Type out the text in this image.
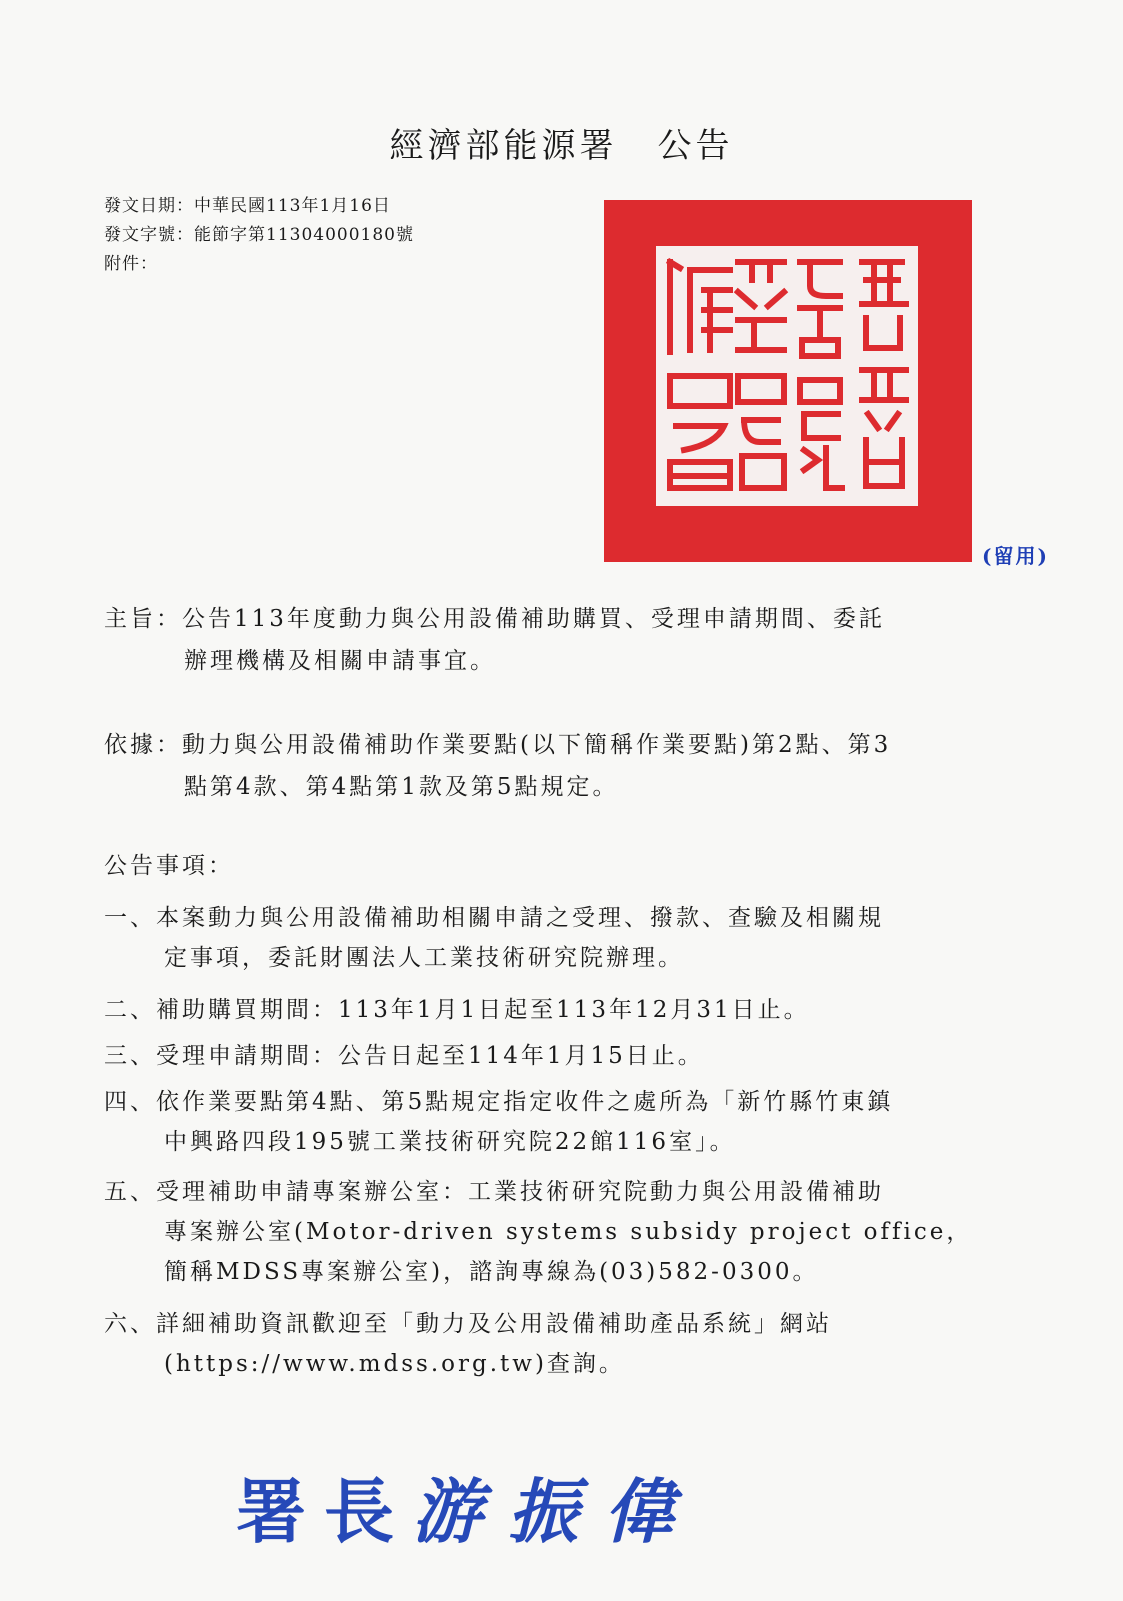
經濟部能源署 公告
發文日期：中華民國113年1月16日
發文字號：能節字第11304000180號
附件：
(留用)
主旨：公告113年度動力與公用設備補助購買、受理申請期間、委託
辦理機構及相關申請事宜。
依據：動力與公用設備補助作業要點(以下簡稱作業要點)第2點、第3
點第4款、第4點第1款及第5點規定。
公告事項：
一、本案動力與公用設備補助相關申請之受理、撥款、查驗及相關規
定事項，委託財團法人工業技術研究院辦理。
二、補助購買期間：113年1月1日起至113年12月31日止。
三、受理申請期間：公告日起至114年1月15日止。
四、依作業要點第4點、第5點規定指定收件之處所為「新竹縣竹東鎮
中興路四段195號工業技術研究院22館116室」。
五、受理補助申請專案辦公室：工業技術研究院動力與公用設備補助
專案辦公室(Motor-driven systems subsidy project office，
簡稱MDSS專案辦公室)，諮詢專線為(03)582-0300。
六、詳細補助資訊歡迎至「動力及公用設備補助產品系統」網站
(https://www.mdss.org.tw)查詢。
署長游振偉
